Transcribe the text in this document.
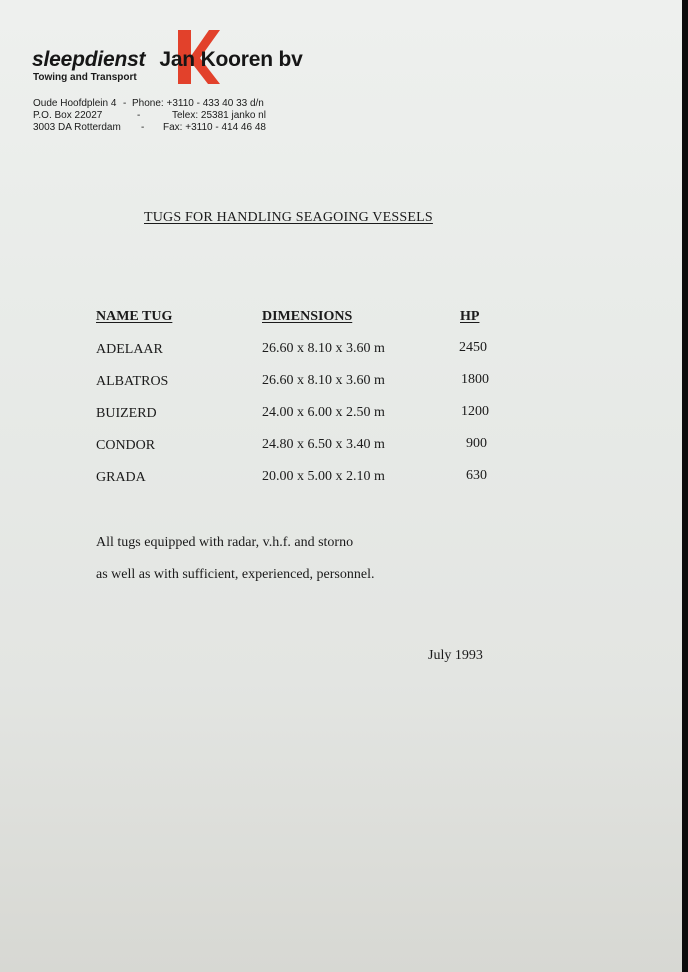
sleepdienst Jan Kooren bv
Towing and Transport
Oude Hoofdplein 4 - Phone: +3110 - 433 40 33 d/n
P.O. Box 22027	-	Telex: 25381 janko nl
3003 DA Rotterdam - Fax: +3110 - 414 46 48
TUGS FOR HANDLING SEAGOING VESSELS
NAME TUG	DIMENSIONS	HP
ADELAAR	26.60 x 8.10 x 3.60 m	2450
ALBATROS	26.60 x 8.10 x 3.60 m	1800
BUIZERD	24.00 x 6.00 x 2.50 m	1200
CONDOR	24.80 x 6.50 x 3.40 m	900
GRADA	20.00 x 5.00 x 2.10 m	630
All tugs equipped with radar, v.h.f. and storno
as well as with sufficient, experienced, personnel.
July 1993
